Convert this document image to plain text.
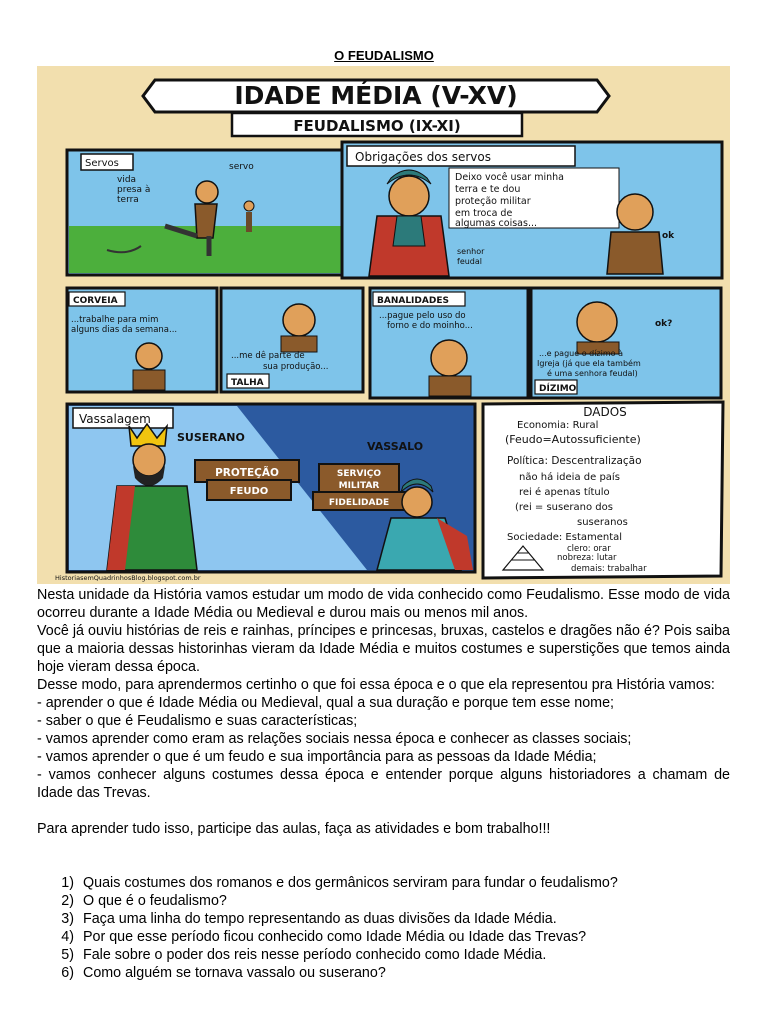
O FEUDALISMO
IDADE MÉDIA (V-XV)
FEUDALISMO (IX-XI)
Servos
vida
presa à
terra
servo
Obrigações dos servos
Deixo você usar minha
terra e te dou
proteção militar
em troca de
algumas coisas...
ok
senhor
feudal
CORVEIA
...trabalhe para mim
alguns dias da semana...
...me dê parte de
sua produção...
TALHA
BANALIDADES
...pague pelo uso do
forno e do moinho...	ok?
...e pague o dízimo à
Igreja (já que ela também
é uma senhora feudal)
DÍZIMO
Vassalagem
SUSERANO
VASSALO
PROTEÇÃO
FEUDO
SERVIÇO
MILITAR
FIDELIDADE
DADOS
Economia: Rural
(Feudo=Autossuficiente)
Política: Descentralização
não há ideia de país
rei é apenas título
(rei = suserano dos
suseranos
Sociedade: Estamental
clero: orar
nobreza: lutar
demais: trabalhar
HistoriasemQuadrinhosBlog.blogspot.com.br

Nesta unidade da História vamos estudar um modo de vida conhecido como Feudalismo. Esse modo de vida ocorreu durante a Idade Média ou Medieval e durou mais ou menos mil anos.

Você já ouviu histórias de reis e rainhas, príncipes e princesas, bruxas, castelos e dragões não é? Pois saiba que a maioria dessas historinhas vieram da Idade Média e muitos costumes e superstições que temos ainda hoje vieram dessa época.

Desse modo, para aprendermos certinho o que foi essa época e o que ela representou pra História vamos:

- aprender o que é Idade Média ou Medieval, qual a sua duração e porque tem esse nome;

- saber o que é Feudalismo e suas características;

- vamos aprender como eram as relações sociais nessa época e conhecer as classes sociais;

- vamos aprender o que é um feudo e sua importância para as pessoas da Idade Média;

- vamos conhecer alguns costumes dessa época e entender porque alguns historiadores a chamam de Idade das Trevas.

Para aprender tudo isso, participe das aulas, faça as atividades e bom trabalho!!!

1) Quais costumes dos romanos e dos germânicos serviram para fundar o feudalismo?
2) O que é o feudalismo?
3) Faça uma linha do tempo representando as duas divisões da Idade Média.
4) Por que esse período ficou conhecido como Idade Média ou Idade das Trevas?
5) Fale sobre o poder dos reis nesse período conhecido como Idade Média.
6) Como alguém se tornava vassalo ou suserano?
